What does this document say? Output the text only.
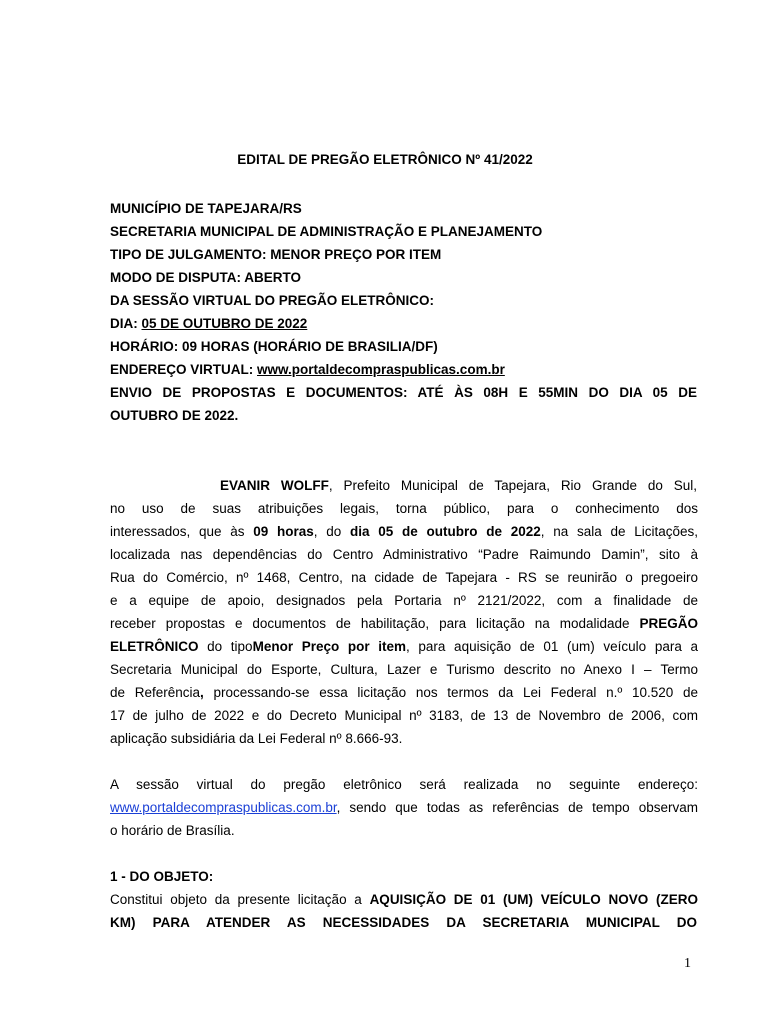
EDITAL DE PREGÃO ELETRÔNICO Nº 41/2022
MUNICÍPIO DE TAPEJARA/RS
SECRETARIA MUNICIPAL DE ADMINISTRAÇÃO E PLANEJAMENTO
TIPO DE JULGAMENTO: MENOR PREÇO POR ITEM
MODO DE DISPUTA: ABERTO
DA SESSÃO VIRTUAL DO PREGÃO ELETRÔNICO:
DIA: 05 DE OUTUBRO DE 2022
HORÁRIO: 09 HORAS (HORÁRIO DE BRASILIA/DF)
ENDEREÇO VIRTUAL: www.portaldecompraspublicas.com.br
ENVIO DE PROPOSTAS E DOCUMENTOS: ATÉ ÀS 08H E 55MIN DO DIA 05 DE
OUTUBRO DE 2022.
EVANIR WOLFF, Prefeito Municipal de Tapejara, Rio Grande do Sul,
no uso de suas atribuições legais, torna público, para o conhecimento dos
interessados, que às 09 horas, do dia 05 de outubro de 2022, na sala de Licitações,
localizada nas dependências do Centro Administrativo “Padre Raimundo Damin”, sito à
Rua do Comércio, nº 1468, Centro, na cidade de Tapejara - RS se reunirão o pregoeiro
e a equipe de apoio, designados pela Portaria nº 2121/2022, com a finalidade de
receber propostas e documentos de habilitação, para licitação na modalidade PREGÃO
ELETRÔNICO do tipoMenor Preço por item, para aquisição de 01 (um) veículo para a
Secretaria Municipal do Esporte, Cultura, Lazer e Turismo descrito no Anexo I – Termo
de Referência, processando-se essa licitação nos termos da Lei Federal n.º 10.520 de
17 de julho de 2022 e do Decreto Municipal nº 3183, de 13 de Novembro de 2006, com
aplicação subsidiária da Lei Federal nº 8.666-93.
A sessão virtual do pregão eletrônico será realizada no seguinte endereço:
www.portaldecompraspublicas.com.br, sendo que todas as referências de tempo observam
o horário de Brasília.
1 - DO OBJETO:
Constitui objeto da presente licitação a AQUISIÇÃO DE 01 (UM) VEÍCULO NOVO (ZERO
KM) PARA ATENDER AS NECESSIDADES DA SECRETARIA MUNICIPAL DO
1
